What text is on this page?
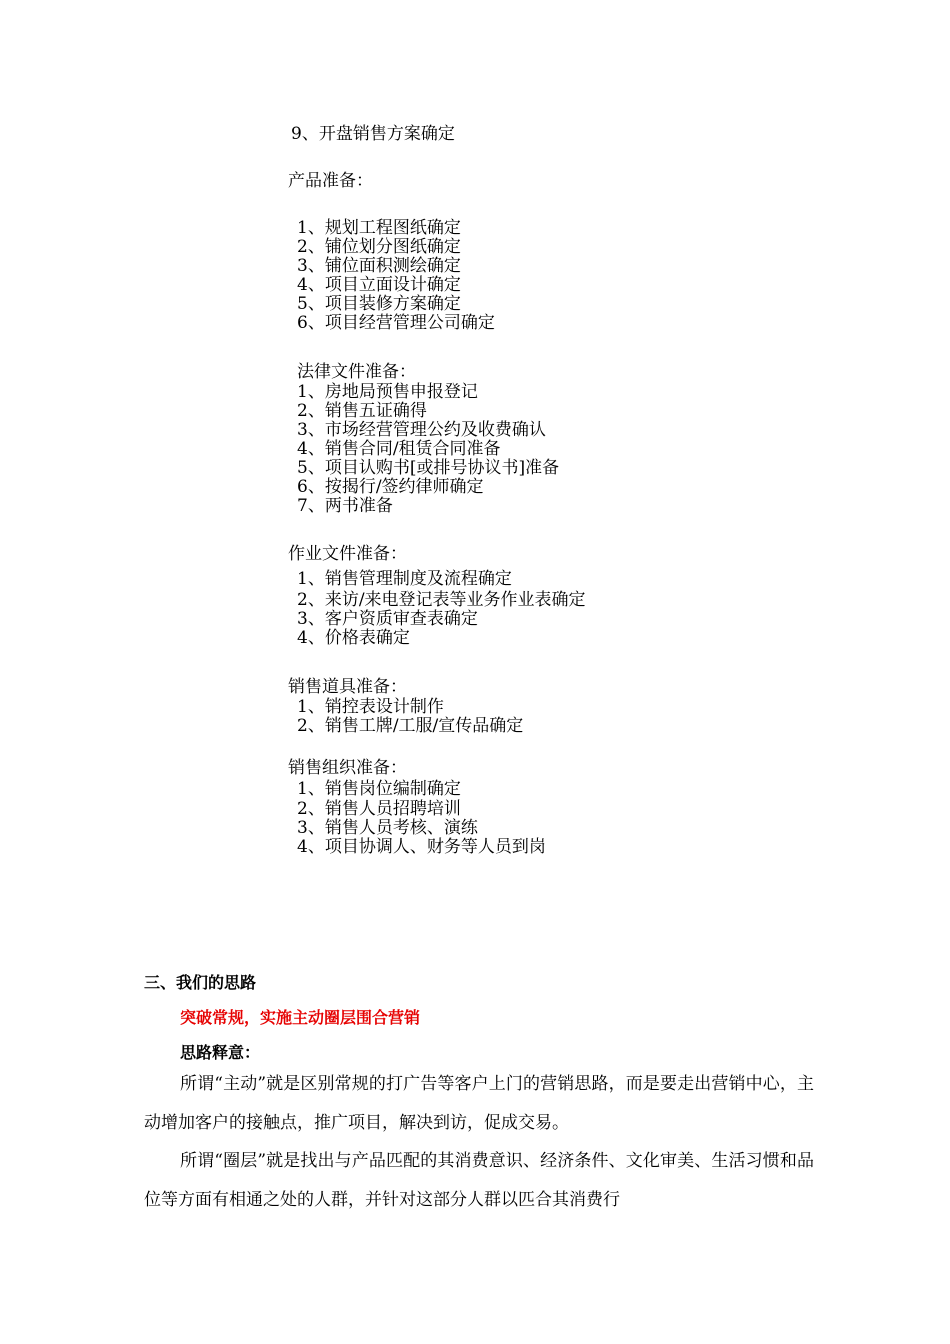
9、开盘销售方案确定
产品准备：
1、规划工程图纸确定
2、铺位划分图纸确定
3、铺位面积测绘确定
4、项目立面设计确定
5、项目装修方案确定
6、项目经营管理公司确定
法律文件准备：
1、房地局预售申报登记
2、销售五证确得
3、市场经营管理公约及收费确认
4、销售合同/租赁合同准备
5、项目认购书[或排号协议书]准备
6、按揭行/签约律师确定
7、两书准备
作业文件准备：
1、销售管理制度及流程确定
2、来访/来电登记表等业务作业表确定
3、客户资质审查表确定
4、价格表确定
销售道具准备：
1、销控表设计制作
2、销售工牌/工服/宣传品确定
销售组织准备：
1、销售岗位编制确定
2、销售人员招聘培训
3、销售人员考核、演练
4、项目协调人、财务等人员到岗
三、我们的思路
突破常规，实施主动圈层围合营销
思路释意：
所谓“主动”就是区别常规的打广告等客户上门的营销思路，而是要走出营销中心，主动增加客户的接触点，推广项目，解决到访，促成交易。
所谓“圈层”就是找出与产品匹配的其消费意识、经济条件、文化审美、生活习惯和品位等方面有相通之处的人群，并针对这部分人群以匹合其消费行
